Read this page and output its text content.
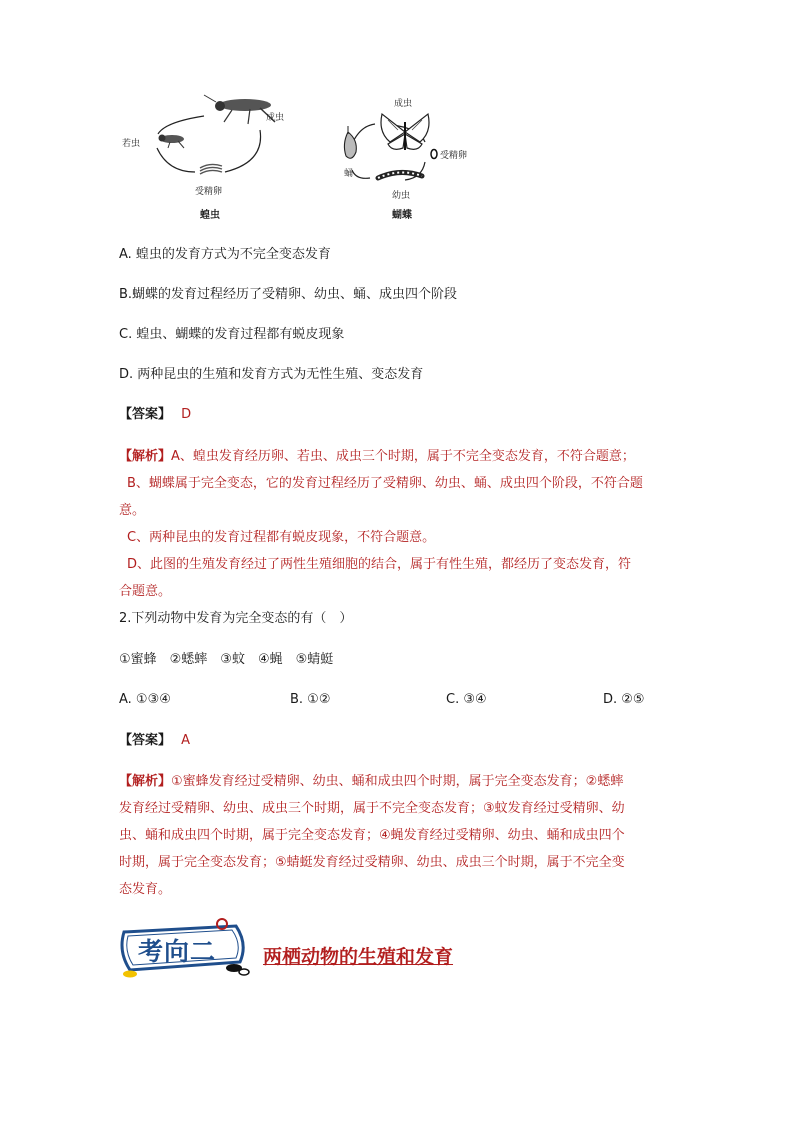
成虫
若虫
受精卵
蝗虫
成虫
受精卵
蛹
幼虫
蝴蝶
A. 蝗虫的发育方式为不完全变态发育
B.蝴蝶的发育过程经历了受精卵、幼虫、蛹、成虫四个阶段
C. 蝗虫、蝴蝶的发育过程都有蜕皮现象
D. 两种昆虫的生殖和发育方式为无性生殖、变态发育
【答案】 D
【解析】A、蝗虫发育经历卵、若虫、成虫三个时期，属于不完全变态发育，不符合题意；
B、蝴蝶属于完全变态，它的发育过程经历了受精卵、幼虫、蛹、成虫四个阶段，不符合题
意。
C、两种昆虫的发育过程都有蜕皮现象，不符合题意。
D、此图的生殖发育经过了两性生殖细胞的结合，属于有性生殖，都经历了变态发育，符
合题意。
2.下列动物中发育为完全变态的有（　）
①蜜蜂　②蟋蟀　③蚊　④蝇　⑤蜻蜓
A. ①③④	B. ①②	C. ③④	D. ②⑤
【答案】 A
【解析】①蜜蜂发育经过受精卵、幼虫、蛹和成虫四个时期，属于完全变态发育；②蟋蟀
发育经过受精卵、幼虫、成虫三个时期，属于不完全变态发育；③蚊发育经过受精卵、幼
虫、蛹和成虫四个时期，属于完全变态发育；④蝇发育经过受精卵、幼虫、蛹和成虫四个
时期，属于完全变态发育；⑤蜻蜓发育经过受精卵、幼虫、成虫三个时期，属于不完全变
态发育。
考向二 两栖动物的生殖和发育
